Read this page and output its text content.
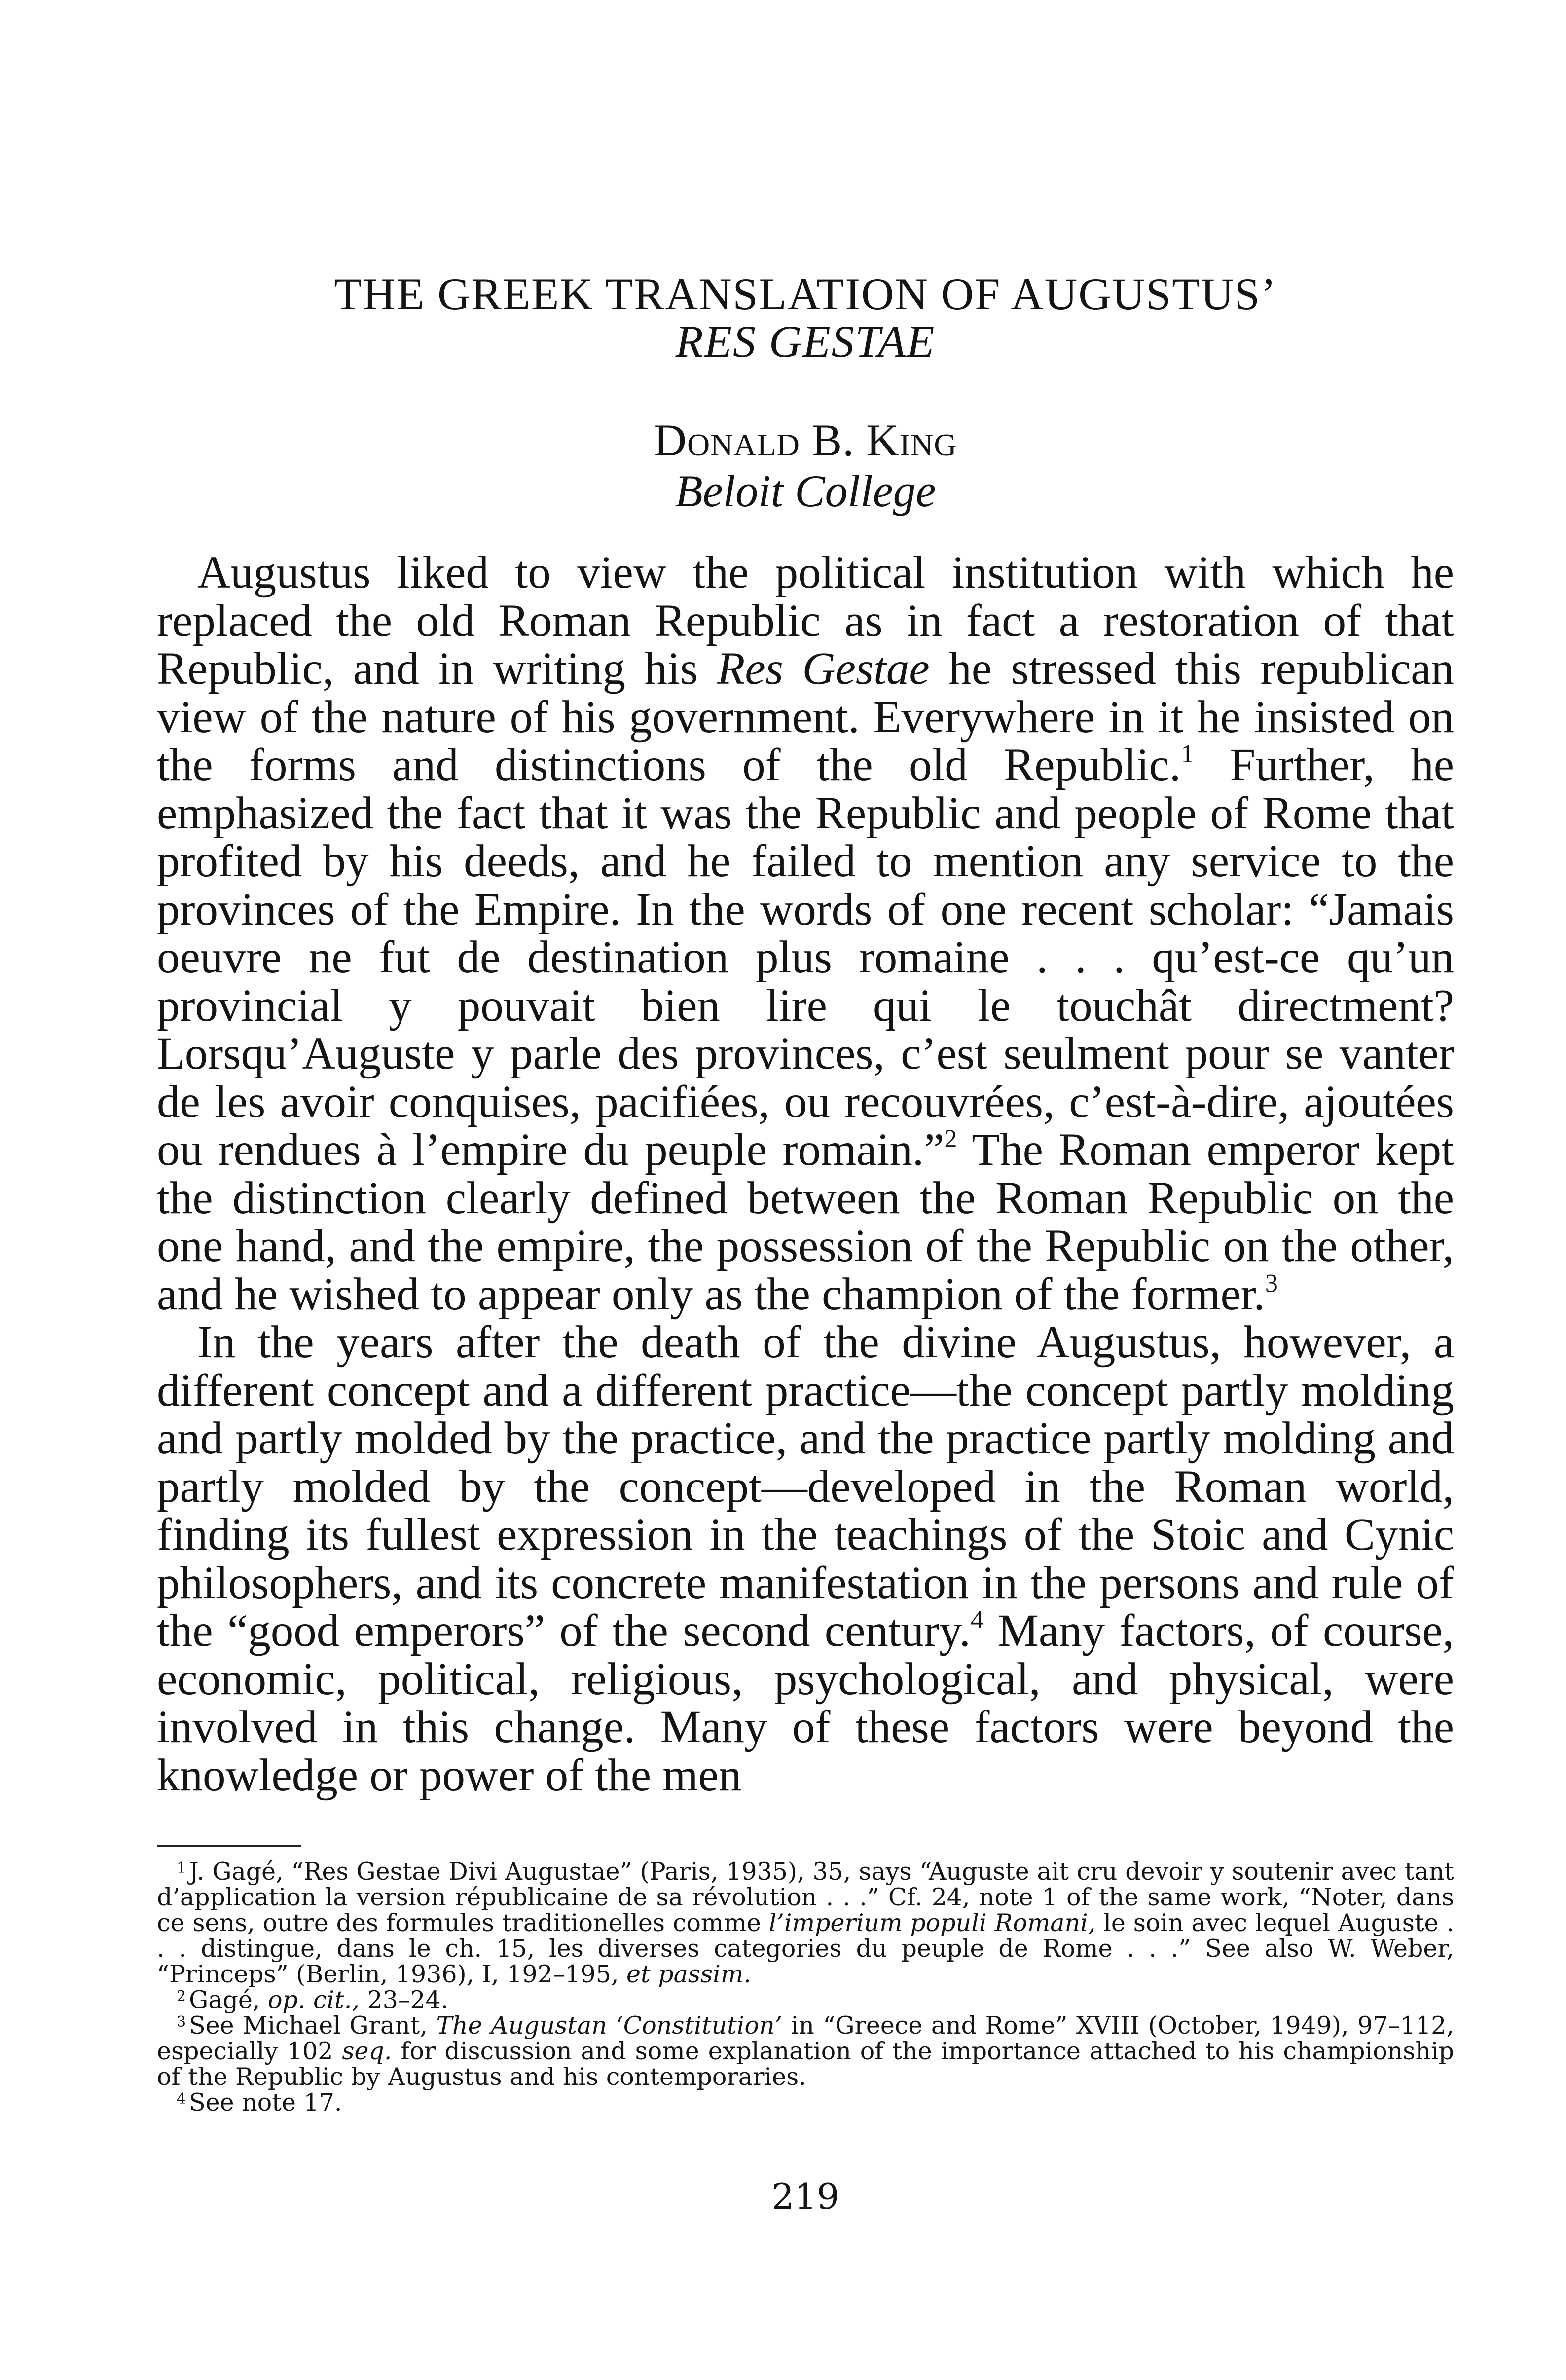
THE GREEK TRANSLATION OF AUGUSTUS’
RES GESTAE
Donald B. King
Beloit College

Augustus liked to view the political institution with which he replaced the old Roman Republic as in fact a restoration of that Republic, and in writing his Res Gestae he stressed this republican view of the nature of his government. Everywhere in it he insisted on the forms and distinctions of the old Republic.$^1$ Further, he emphasized the fact that it was the Republic and people of Rome that profited by his deeds, and he failed to mention any service to the provinces of the Empire. In the words of one recent scholar: “Jamais oeuvre ne fut de destination plus romaine . . . qu’est-ce qu’un provincial y pouvait bien lire qui le touchât directment? Lorsqu’Auguste y parle des provinces, c’est seulment pour se vanter de les avoir conquises, pacifiées, ou recouvrées, c’est-à-dire, ajoutées ou rendues à l’empire du peuple romain.”$^2$ The Roman emperor kept the distinction clearly defined between the Roman Republic on the one hand, and the empire, the possession of the Republic on the other, and he wished to appear only as the champion of the former.$^3$

In the years after the death of the divine Augustus, however, a different concept and a different practice—the concept partly molding and partly molded by the practice, and the practice partly molding and partly molded by the concept—developed in the Roman world, finding its fullest expression in the teachings of the Stoic and Cynic philosophers, and its concrete manifestation in the persons and rule of the “good emperors” of the second century.$^4$ Many factors, of course, economic, political, religious, psychological, and physical, were involved in this change. Many of these factors were beyond the knowledge or power of the men

$^1$ J. Gagé, “Res Gestae Divi Augustae” (Paris, 1935), 35, says “Auguste ait cru devoir y soutenir avec tant d’application la version républicaine de sa révolution . . .” Cf. 24, note 1 of the same work, “Noter, dans ce sens, outre des formules traditionelles comme l’imperium populi Romani, le soin avec lequel Auguste . . . distingue, dans le ch. 15, les diverses categories du peuple de Rome . . .” See also W. Weber, “Princeps” (Berlin, 1936), I, 192–195, et passim.

$^2$ Gagé, op. cit., 23–24.

$^3$ See Michael Grant, The Augustan ‘Constitution’ in “Greece and Rome” XVIII (October, 1949), 97–112, especially 102 seq. for discussion and some explanation of the importance attached to his championship of the Republic by Augustus and his contemporaries.

$^4$ See note 17.

219
